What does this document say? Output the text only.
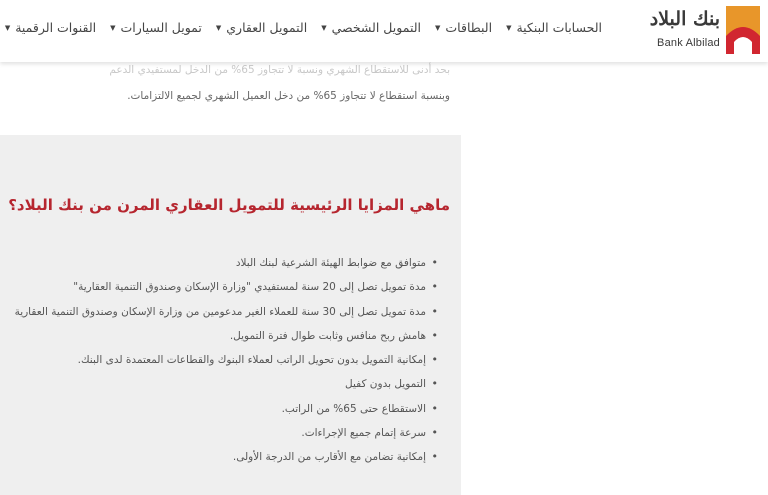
بنك البلاد
Bank Albilad
الحسابات البنكية
▼
البطاقات
▼
التمويل الشخصي
▼
التمويل العقاري
▼
تمويل السيارات
▼
القنوات الرقمية
▼
بحد أدنى للاستقطاع الشهري ونسبة لا تتجاوز 65% من الدخل لمستفيدي الدعم
وبنسبة استقطاع لا تتجاوز 65% من دخل العميل الشهري لجميع الالتزامات.
ماهي المزايا الرئيسية للتمويل العقاري المرن من بنك البلاد؟
• متوافق مع ضوابط الهيئة الشرعية لبنك البلاد
• مدة تمويل تصل إلى 20 سنة لمستفيدي "وزارة الإسكان وصندوق التنمية العقارية"
• مدة تمويل تصل إلى 30 سنة للعملاء الغير مدعومين من وزارة الإسكان وصندوق التنمية العقارية
• هامش ربح منافس وثابت طوال فترة التمويل.
• إمكانية التمويل بدون تحويل الراتب لعملاء البنوك والقطاعات المعتمدة لدى البنك.
• التمويل بدون كفيل
• الاستقطاع حتى 65% من الراتب.
• سرعة إتمام جميع الإجراءات.
• إمكانية تضامن مع الأقارب من الدرجة الأولى.
